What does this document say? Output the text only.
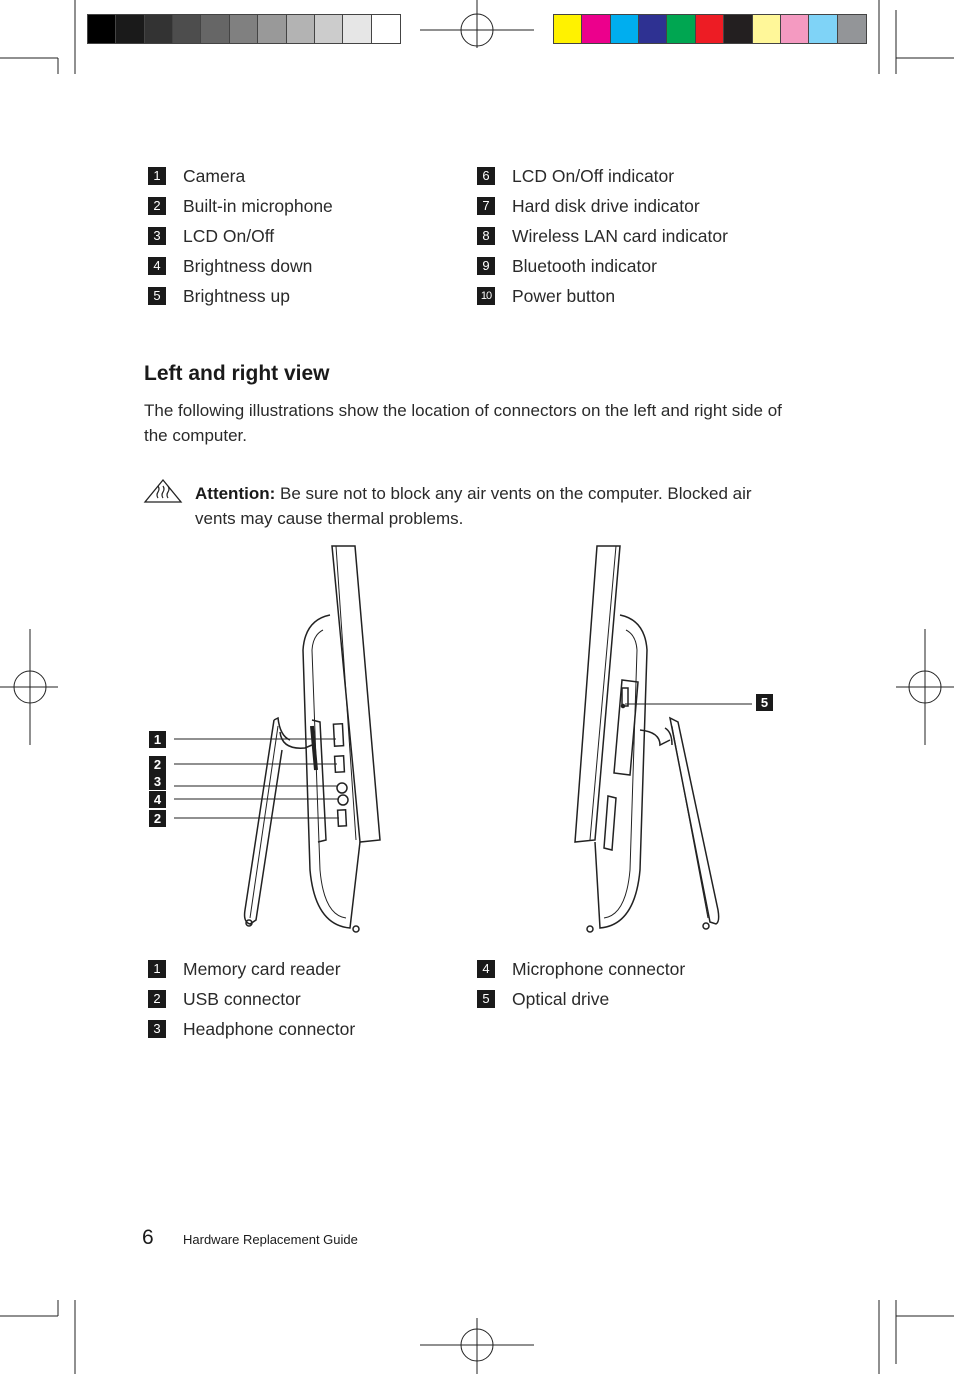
1	Camera
2	Built-in microphone
3	LCD On/Off
4	Brightness down
5	Brightness up
6	LCD On/Off indicator
7	Hard disk drive indicator
8	Wireless LAN card indicator
9	Bluetooth indicator
10 Power button
Left and right view
The following illustrations show the location of connectors on the left and right side of the computer.
Attention: Be sure not to block any air vents on the computer. Blocked air vents may cause thermal problems.
1
2
3
4
2
5
1	Memory card reader
2	USB connector
3	Headphone connector
4	Microphone connector
5	Optical drive
6 Hardware Replacement Guide
